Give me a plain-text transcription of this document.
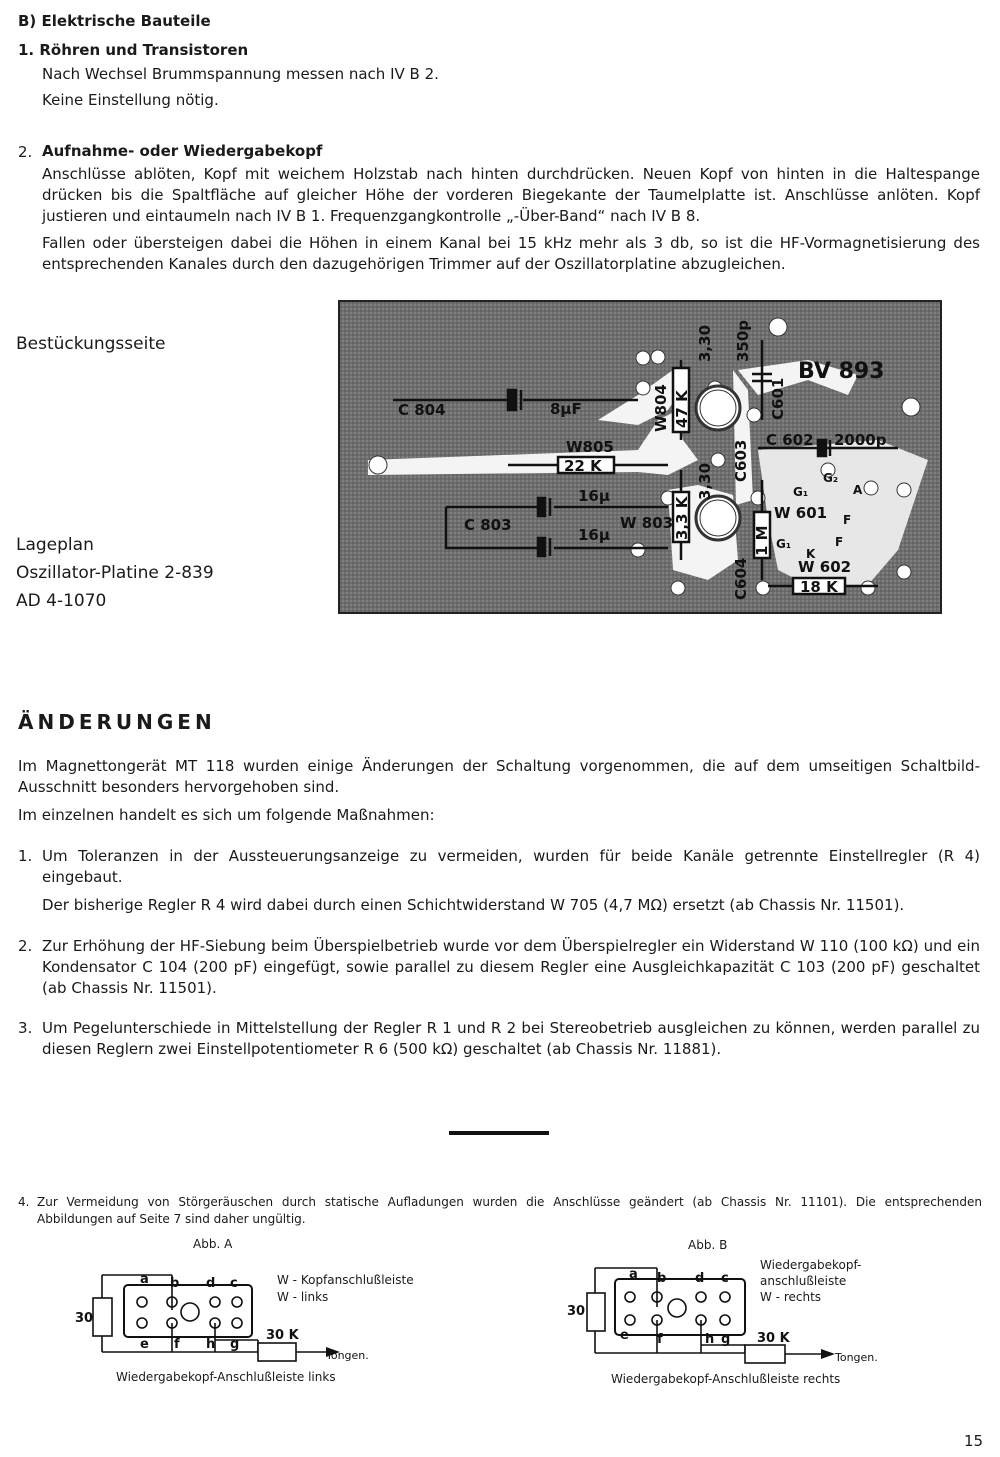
B) Elektrische Bauteile
1. Röhren und Transistoren
Nach Wechsel Brummspannung messen nach IV B 2.
Keine Einstellung nötig.
2. Aufnahme- oder Wiedergabekopf
Anschlüsse ablöten, Kopf mit weichem Holzstab nach hinten durchdrücken. Neuen Kopf von hinten in die Haltespange drücken bis die Spaltfläche auf gleicher Höhe der vorderen Biegekante der Taumelplatte ist. Anschlüsse anlöten. Kopf justieren und eintaumeln nach IV B 1. Frequenzgangkontrolle „-Über-Band“ nach IV B 8.
Fallen oder übersteigen dabei die Höhen in einem Kanal bei 15 kHz mehr als 3 db, so ist die HF-Vormagnetisierung des entsprechenden Kanales durch den dazugehörigen Trimmer auf der Oszillatorplatine abzugleichen.
Bestückungsseite
Lageplan
Oszillator-Platine 2-839
AD 4-1070
C 804	8µF
W805
22 K
16µ
C 803
16µ
W 803 3,3 K
W804 47 K
3,30
3,30
350p
C601
C603 C 602 2000p
BV 893
G₁
G₂
A
W 601 F
F
G₁
1 M	K
W 602
18 K
C604
ÄNDERUNGEN
Im Magnettongerät MT 118 wurden einige Änderungen der Schaltung vorgenommen, die auf dem umseitigen Schaltbild-Ausschnitt besonders hervorgehoben sind.
Im einzelnen handelt es sich um folgende Maßnahmen:
1. Um Toleranzen in der Aussteuerungsanzeige zu vermeiden, wurden für beide Kanäle getrennte Einstellregler (R 4) eingebaut.
Der bisherige Regler R 4 wird dabei durch einen Schichtwiderstand W 705 (4,7 MΩ) ersetzt (ab Chassis Nr. 11501).
2. Zur Erhöhung der HF-Siebung beim Überspielbetrieb wurde vor dem Überspielregler ein Widerstand W 110 (100 kΩ) und ein Kondensator C 104 (200 pF) eingefügt, sowie parallel zu diesem Regler eine Ausgleichkapazität C 103 (200 pF) geschaltet (ab Chassis Nr. 11501).
3. Um Pegelunterschiede in Mittelstellung der Regler R 1 und R 2 bei Stereobetrieb ausgleichen zu können, werden parallel zu diesen Reglern zwei Einstellpotentiometer R 6 (500 kΩ) geschaltet (ab Chassis Nr. 11881).
4. Zur Vermeidung von Störgeräuschen durch statische Aufladungen wurden die Anschlüsse geändert (ab Chassis Nr. 11101). Die entsprechenden Abbildungen auf Seite 7 sind daher ungültig.
Abb. A
W - Kopfanschlußleiste
W - links
a b d c
e f h g
30
30 K
Tongen.
Wiedergabekopf-Anschlußleiste links
Abb. B
Wiedergabekopf-
anschlußleiste
W - rechts
a b d c
e f	h g
30
30 K
Tongen.
Wiedergabekopf-Anschlußleiste rechts
15
